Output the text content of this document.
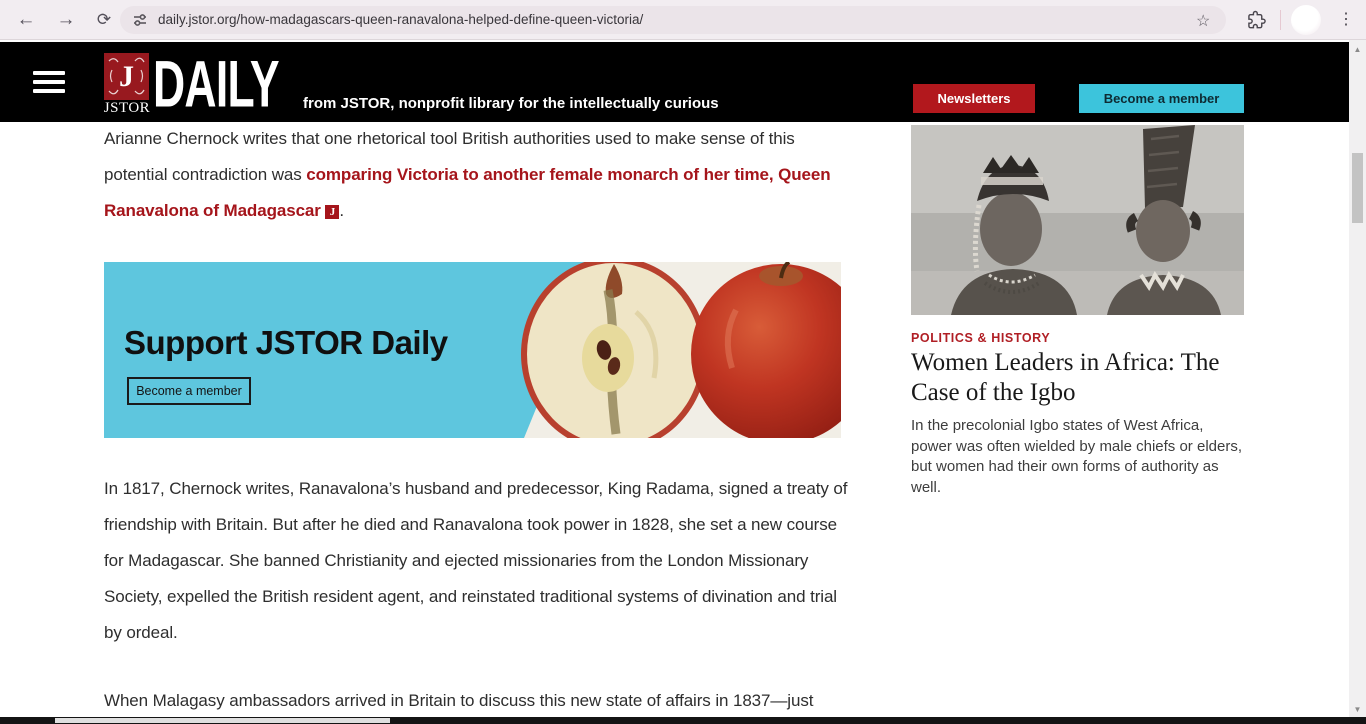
← →	⟳	daily.jstor.org/how-madagascars-queen-ranavalona-helped-define-queen-victoria/	☆	⋮
J
JSTOR DAILY from JSTOR, nonprofit library for the intellectually curious	Newsletters	Become a member

Arianne Chernock writes that one rhetorical tool British authorities used to make sense of this potential contradiction was comparing Victoria to another female monarch of her time, Queen Ranavalona of Madagascar J .

Support JSTOR Daily
Become a member

In 1817, Chernock writes, Ranavalona’s husband and predecessor, King Radama, signed a treaty of friendship with Britain. But after he died and Ranavalona took power in 1828, she set a new course for Madagascar. She banned Christianity and ejected missionaries from the London Missionary Society, expelled the British resident agent, and reinstated traditional systems of divination and trial by ordeal.

When Malagasy ambassadors arrived in Britain to discuss this new state of affairs in 1837—just

POLITICS & HISTORY
Women Leaders in Africa: The Case of the Igbo
In the precolonial Igbo states of West Africa, power was often wielded by male chiefs or elders, but women had their own forms of authority as well.
▲
▼
